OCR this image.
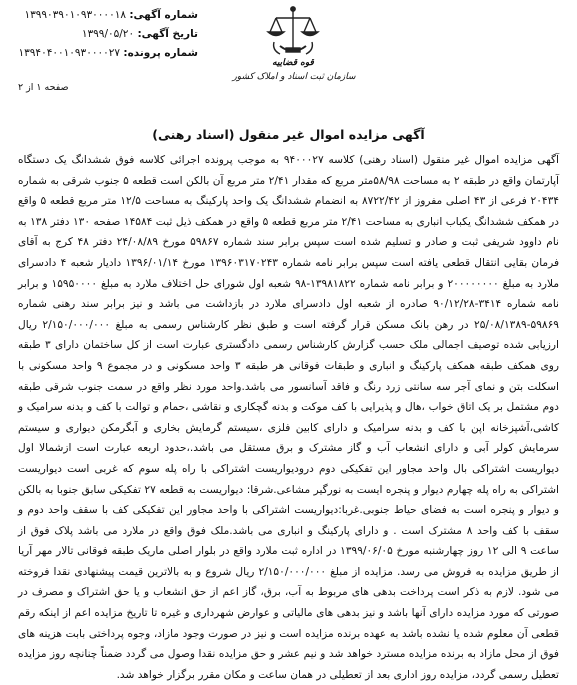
شماره آگهی: ۱۳۹۹۰۳۹۰۱۰۹۳۰۰۰۰۱۸
تاریخ آگهی: ۱۳۹۹/۰۵/۲۰
شماره پرونده: ۱۳۹۴۰۴۰۰۱۰۹۳۰۰۰۰۲۷
قوه قضاییه
سازمان ثبت اسناد و املاک کشور
صفحه ۱ از ۲
آگهی مزایده اموال غیر منقول (اسناد رهنی)
آگهی مزایده اموال غیر منقول (اسناد رهنی) کلاسه ۹۴۰۰۰۲۷ به موجب پرونده اجرائی کلاسه فوق ششدانگ یک دستگاه آپارتمان واقع در طبقه ۲ به مساحت ۵۸/۹۸متر مربع که مقدار ۲/۴۱ متر مربع آن بالکن است قطعه ۵ جنوب شرقی به شماره ۲۰۴۳۴ فرعی از ۴۳ اصلی مفروز از ۸۷۲۲/۴۲ به انضمام ششدانگ یک واحد پارکینگ به مساحت ۱۲/۵ متر مربع قطعه ۵ واقع در همکف ششدانگ یکباب انباری به مساحت ۲/۴۱ متر مربع قطعه ۵ واقع در همکف ذیل ثبت ۱۴۵۸۴ صفحه ۱۳۰ دفتر ۱۳۸ به نام داوود شریفی ثبت و صادر و تسلیم شده است سپس برابر سند شماره ۵۹۸۶۷ مورخ ۲۴/۰۸/۸۹ دفتر ۴۸ کرج به آقای فرمان بقایی انتقال قطعی یافته است سپس برابر نامه شماره ۱۳۹۶۰۳۱۷۰۲۴۳ مورخ ۱۳۹۶/۰۱/۱۴ دادیار شعبه ۴ دادسرای ملارد به مبلغ ۲۰۰۰۰۰۰۰۰ و برابر نامه شماره ۱۳۹۸۱۸۲۲-۹۸ شعبه اول شورای حل اختلاف ملارد به مبلغ ۱۵۹۵۰۰۰۰ و برابر نامه شماره ۳۴۱۴-۹۰/۱۲/۲۸ صادره از شعبه اول دادسرای ملارد در بازداشت می باشد و نیز برابر سند رهنی شماره ۵۹۸۶۹-۲۵/۰۸/۱۳۸۹ در رهن بانک مسکن قرار گرفته است و طبق نظر کارشناس رسمی به مبلغ ۲/۱۵۰/۰۰۰/۰۰۰ ریال ارزیابی شده توصیف اجمالی ملک حسب گزارش کارشناس رسمی دادگستری عبارت است از کل ساختمان دارای ۳ طبقه روی همکف طبقه همکف پارکینگ و انباری و طبقات فوقانی هر طبقه ۳ واحد مسکونی و در مجموع ۹ واحد مسکونی با اسکلت بتن و نمای آجر سه سانتی زرد رنگ و فاقد آسانسور می باشد.واحد مورد نظر واقع در سمت جنوب شرقی طبقه دوم مشتمل بر یک اتاق خواب ،هال و پذیرایی با کف موکت و بدنه گچکاری و نقاشی ،حمام و توالت با کف و بدنه سرامیک و کاشی،آشپزخانه اپن با کف و بدنه سرامیک و دارای کابین فلزی ،سیستم گرمایش بخاری و آبگرمکن دیواری و سیستم سرمایش کولر آبی و دارای انشعاب آب و گاز مشترک و برق مستقل می باشد.،حدود اربعه عبارت است ازشمالا اول دیواریست اشتراکی بال واحد مجاور این تفکیکی دوم درودیواریست اشتراکی با راه پله سوم که غربی است دیواریست اشتراکی به راه پله چهارم دیوار و پنجره ایست به نورگیر مشاعی.شرقا: دیواریست به قطعه ۲۷ تفکیکی سابق جنوبا به بالکن و دیوار و پنجره است به فضای حیاط جنوبی.غربا:دیواریست اشتراکی با واحد مجاور این تفکیکی کف با سقف واحد دوم و سقف با کف واحد ۸ مشترک است . و دارای پارکینگ و انباری می باشد.ملک فوق واقع در ملارد می باشد پلاک فوق از ساعت ۹ الی ۱۲ روز چهارشنبه مورخ ۱۳۹۹/۰۶/۰۵ در اداره ثبت ملارد واقع در بلوار اصلی ماریک طبقه فوقانی تالار مهر آریا از طریق مزایده به فروش می رسد. مزایده از مبلغ ۲/۱۵۰/۰۰۰/۰۰۰ ریال شروع و به بالاترین قیمت پیشنهادی نقدا فروخته می شود. لازم به ذکر است پرداخت بدهی های مربوط به آب، برق، گاز اعم از حق انشعاب و یا حق اشتراک و مصرف در صورتی که مورد مزایده دارای آنها باشد و نیز بدهی های مالیاتی و عوارض شهرداری و غیره تا تاریخ مزایده اعم از اینکه رقم قطعی آن معلوم شده یا نشده باشد به عهده برنده مزایده است و نیز در صورت وجود مازاد، وجوه پرداختی بابت هزینه های فوق از محل مازاد به برنده مزایده مسترد خواهد شد و نیم عشر و حق مزایده نقدا وصول می گردد ضمناً چنانچه روز مزایده تعطیل رسمی گردد، مزایده روز اداری بعد از تعطیلی در همان ساعت و مکان مقرر برگزار خواهد شد.
